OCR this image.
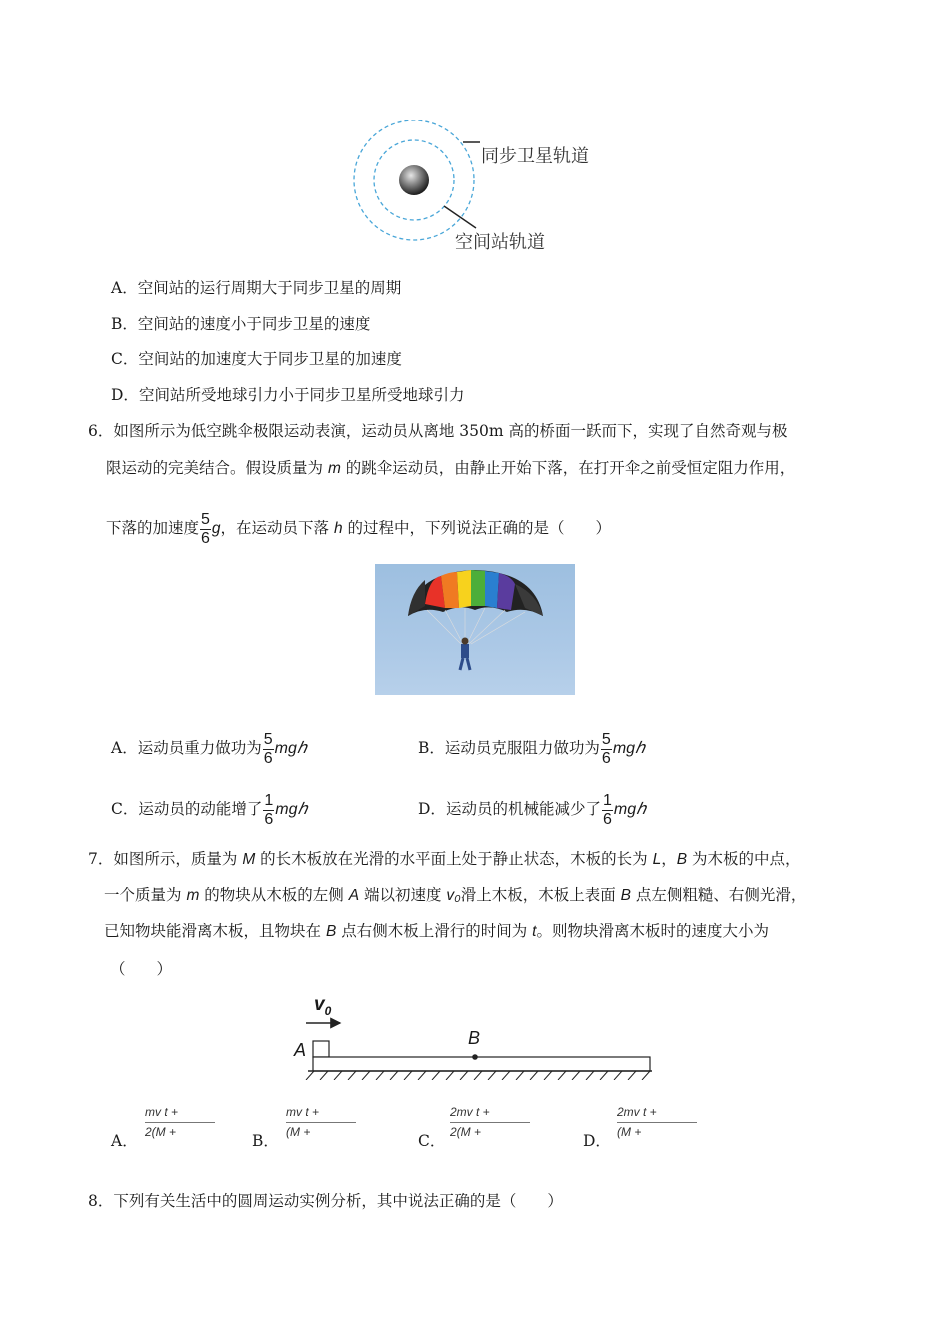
同步卫星轨道
空间站轨道
A．空间站的运行周期大于同步卫星的周期
B．空间站的速度小于同步卫星的速度
C．空间站的加速度大于同步卫星的加速度
D．空间站所受地球引力小于同步卫星所受地球引力
6．如图所示为低空跳伞极限运动表演，运动员从离地 350m 高的桥面一跃而下，实现了自然奇观与极
限运动的完美结合。假设质量为 m 的跳伞运动员，由静止开始下落，在打开伞之前受恒定阻力作用，
下落的加速度 $\frac{5}{6}$ g，在运动员下落 h 的过程中，下列说法正确的是（　　）
A．运动员重力做功为 $\frac{5}{6}$ mgℎ	B．运动员克服阻力做功为 $\frac{5}{6}$ mgℎ
C．运动员的动能增了 $\frac{1}{6}$ mgℎ	D．运动员的机械能减少了 $\frac{1}{6}$ mgℎ
7．如图所示，质量为 M 的长木板放在光滑的水平面上处于静止状态，木板的长为 L，B 为木板的中点，
一个质量为 m 的物块从木板的左侧 A 端以初速度 v₀滑上木板，木板上表面 B 点左侧粗糙、右侧光滑，
已知物块能滑离木板，且物块在 B 点右侧木板上滑行的时间为 t。则物块滑离木板时的速度大小为
（　　）
$v_0$
A
B
A．
mv t +
2(M +	B．
mv t +
(M +	C．
2mv t +
2(M +	D．
2mv t +
(M +
8．下列有关生活中的圆周运动实例分析，其中说法正确的是（　　）
